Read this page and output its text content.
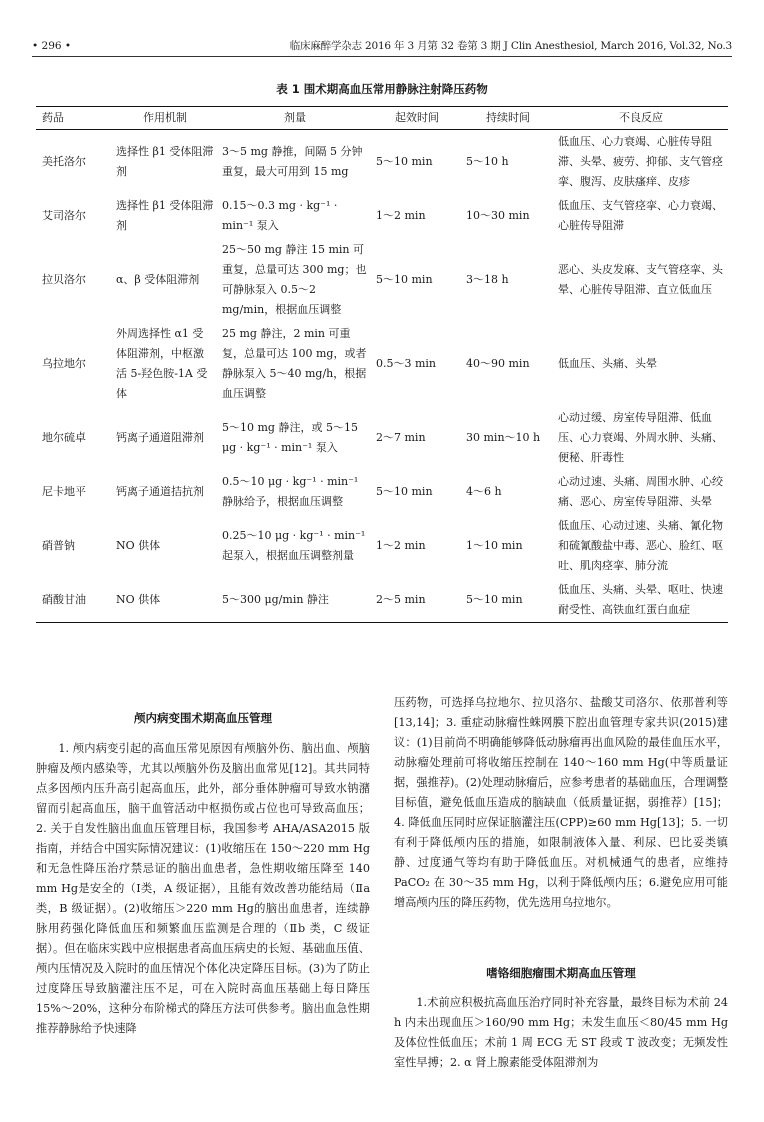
• 296 •	临床麻醉学杂志 2016 年 3 月第 32 卷第 3 期 J Clin Anesthesiol, March 2016, Vol.32, No.3
表 1 围术期高血压常用静脉注射降压药物
药品	作用机制	剂量	起效时间	持续时间	不良反应
美托洛尔	选择性 β1 受体阻滞剂	3～5 mg 静推，间隔 5 分钟重复，最大可用到 15 mg	5～10 min	5～10 h	低血压、心力衰竭、心脏传导阻滞、头晕、疲劳、抑郁、支气管痉挛、腹泻、皮肤瘙痒、皮疹
艾司洛尔	选择性 β1 受体阻滞剂	0.15～0.3 mg · kg⁻¹ · min⁻¹ 泵入	1～2 min	10～30 min	低血压、支气管痉挛、心力衰竭、心脏传导阻滞
拉贝洛尔	α、β 受体阻滞剂	25～50 mg 静注 15 min 可重复，总量可达 300 mg；也可静脉泵入 0.5～2 mg/min，根据血压调整	5～10 min	3～18 h	恶心、头皮发麻、支气管痉挛、头晕、心脏传导阻滞、直立低血压
乌拉地尔	外周选择性 α1 受体阻滞剂，中枢激活 5-羟色胺-1A 受体	25 mg 静注，2 min 可重复，总量可达 100 mg，或者静脉泵入 5～40 mg/h，根据血压调整	0.5～3 min	40～90 min	低血压、头痛、头晕
地尔硫卓	钙离子通道阻滞剂	5～10 mg 静注，或 5～15 μg · kg⁻¹ · min⁻¹ 泵入	2～7 min	30 min～10 h	心动过缓、房室传导阻滞、低血压、心力衰竭、外周水肿、头痛、便秘、肝毒性
尼卡地平	钙离子通道拮抗剂	0.5～10 μg · kg⁻¹ · min⁻¹ 静脉给予，根据血压调整	5～10 min	4～6 h	心动过速、头痛、周围水肿、心绞痛、恶心、房室传导阻滞、头晕
硝普钠	NO 供体	0.25～10 μg · kg⁻¹ · min⁻¹ 起泵入，根据血压调整剂量	1～2 min	1～10 min	低血压、心动过速、头痛、氰化物和硫氰酸盐中毒、恶心、脸红、呕吐、肌肉痉挛、肺分流
硝酸甘油	NO 供体	5～300 μg/min 静注	2～5 min	5～10 min	低血压、头痛、头晕、呕吐、快速耐受性、高铁血红蛋白血症
颅内病变围术期高血压管理

1. 颅内病变引起的高血压常见原因有颅脑外伤、脑出血、颅脑肿瘤及颅内感染等，尤其以颅脑外伤及脑出血常见[12]。其共同特点多因颅内压升高引起高血压，此外，部分垂体肿瘤可导致水钠潴留而引起高血压，脑干血管活动中枢损伤或占位也可导致高血压；2. 关于自发性脑出血血压管理目标，我国参考 AHA/ASA2015 版指南，并结合中国实际情况建议：(1)收缩压在 150～220 mm Hg和无急性降压治疗禁忌证的脑出血患者，急性期收缩压降至 140 mm Hg是安全的（Ⅰ类，A 级证据），且能有效改善功能结局（Ⅱa 类，B 级证据）。(2)收缩压＞220 mm Hg的脑出血患者，连续静脉用药强化降低血压和频繁血压监测是合理的（Ⅱb 类，C 级证据）。但在临床实践中应根据患者高血压病史的长短、基础血压值、颅内压情况及入院时的血压情况个体化决定降压目标。(3)为了防止过度降压导致脑灌注压不足，可在入院时高血压基础上每日降压 15%～20%，这种分布阶梯式的降压方法可供参考。脑出血急性期推荐静脉给予快速降

压药物，可选择乌拉地尔、拉贝洛尔、盐酸艾司洛尔、依那普利等[13,14]；3. 重症动脉瘤性蛛网膜下腔出血管理专家共识(2015)建议：(1)目前尚不明确能够降低动脉瘤再出血风险的最佳血压水平，动脉瘤处理前可将收缩压控制在 140～160 mm Hg(中等质量证据，强推荐)。(2)处理动脉瘤后，应参考患者的基础血压，合理调整目标值，避免低血压造成的脑缺血（低质量证据，弱推荐）[15]；4. 降低血压同时应保证脑灌注压(CPP)≥60 mm Hg[13]；5. 一切有利于降低颅内压的措施，如限制液体入量、利尿、巴比妥类镇静、过度通气等均有助于降低血压。对机械通气的患者，应维持 PaCO₂ 在 30～35 mm Hg，以利于降低颅内压；6.避免应用可能增高颅内压的降压药物，优先选用乌拉地尔。

嗜铬细胞瘤围术期高血压管理

1.术前应积极抗高血压治疗同时补充容量，最终目标为术前 24 h 内未出现血压＞160/90 mm Hg；未发生血压＜80/45 mm Hg及体位性低血压；术前 1 周 ECG 无 ST 段或 T 波改变；无频发性室性早搏；2. α 肾上腺素能受体阻滞剂为
